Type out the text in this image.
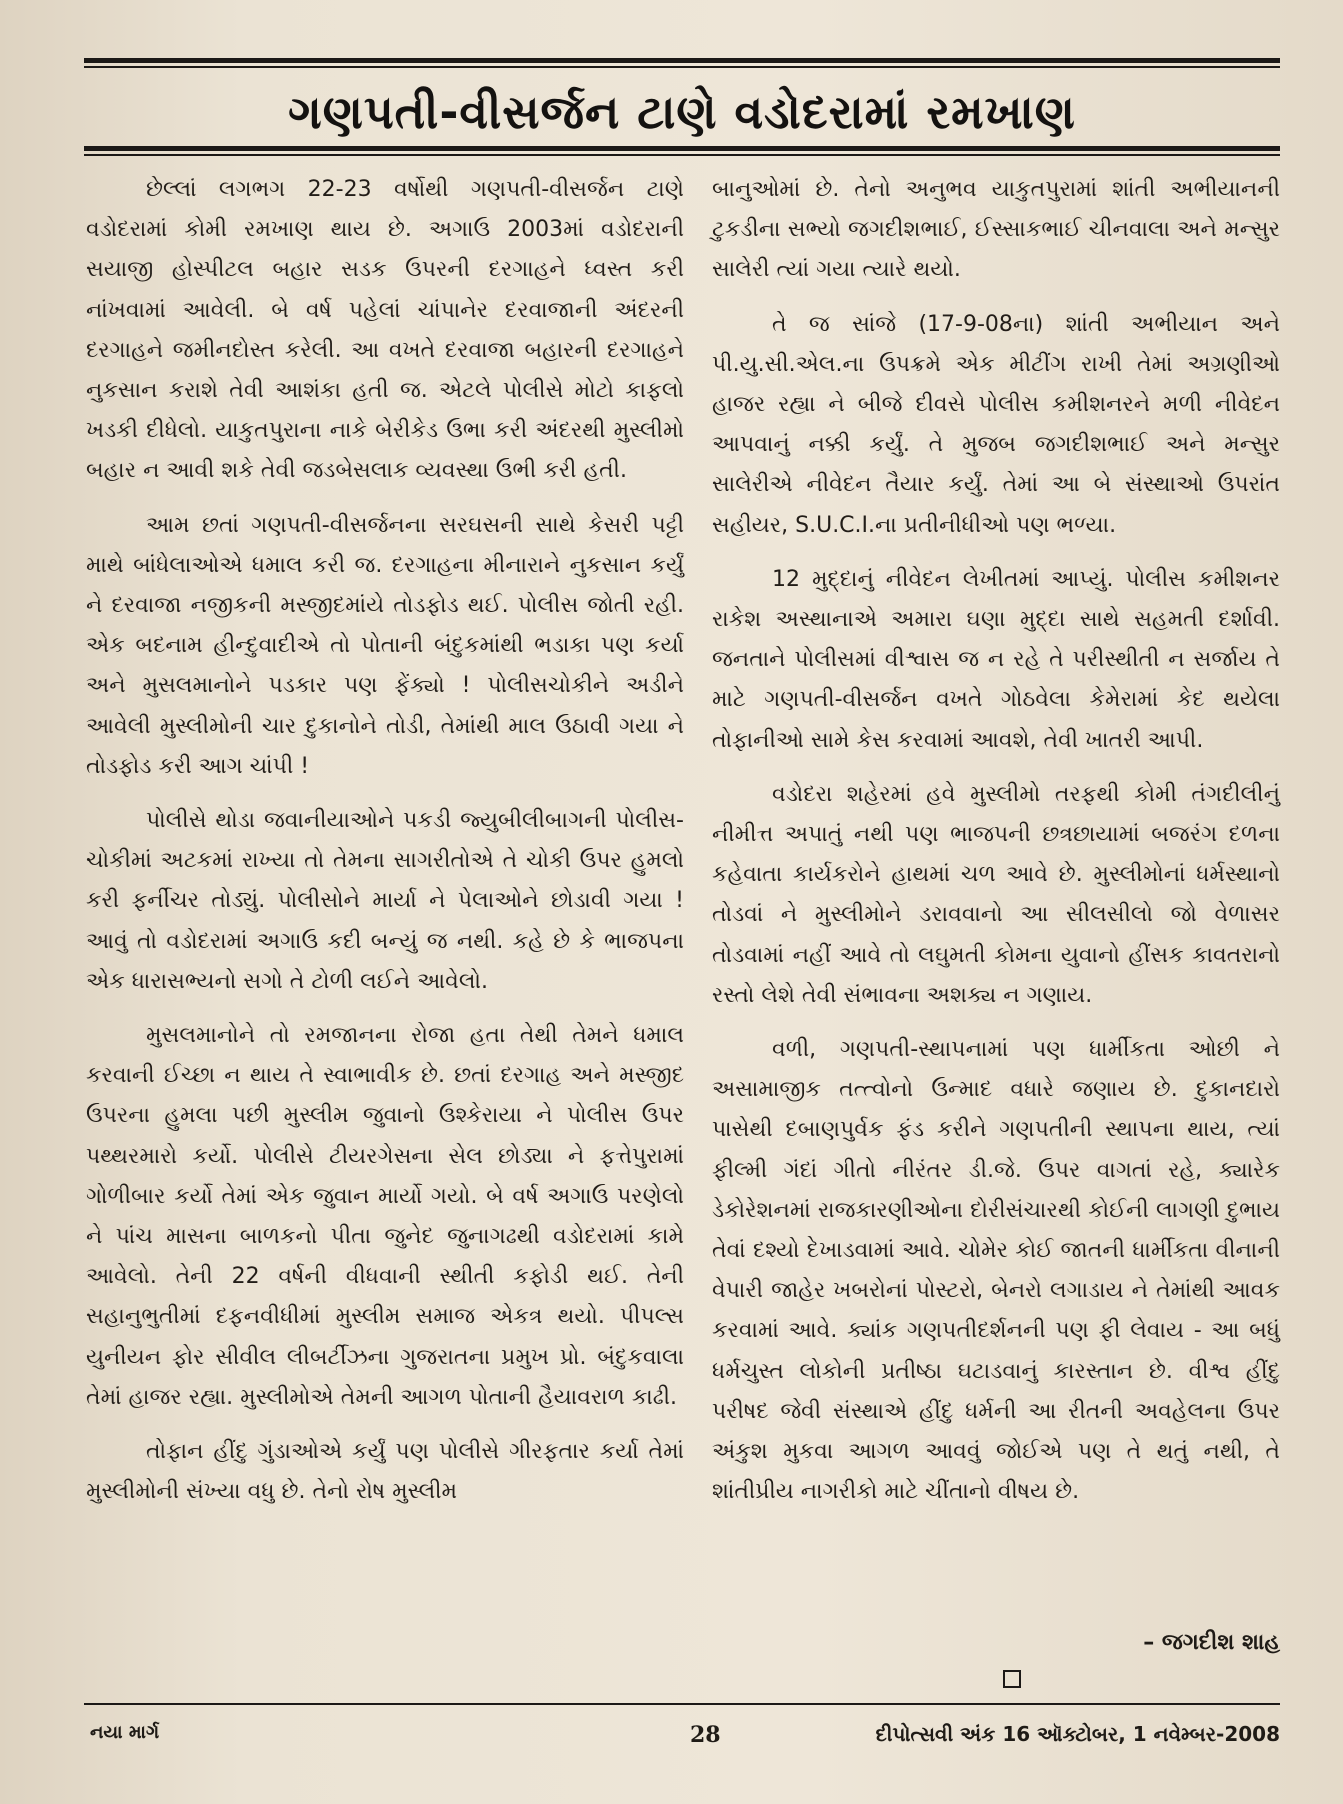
ગણપતી-વીસર્જન ટાણે વડોદરામાં રમખાણ

છેલ્લાં લગભગ 22-23 વર્ષોથી ગણપતી-વીસર્જન ટાણે વડોદરામાં કોમી રમખાણ થાય છે. અગાઉ 2003માં વડોદરાની સયાજી હોસ્પીટલ બહાર સડક ઉપરની દરગાહને ધ્વસ્ત કરી નાંખવામાં આવેલી. બે વર્ષ પહેલાં ચાંપાનેર દરવાજાની અંદરની દરગાહને જમીનદોસ્ત કરેલી. આ વખતે દરવાજા બહારની દરગાહને નુકસાન કરાશે તેવી આશંકા હતી જ. એટલે પોલીસે મોટો કાફલો ખડકી દીધેલો. યાકુતપુરાના નાકે બેરીકેડ ઉભા કરી અંદરથી મુસ્લીમો બહાર ન આવી શકે તેવી જડબેસલાક વ્યવસ્થા ઉભી કરી હતી.

આમ છતાં ગણપતી-વીસર્જનના સરઘસની સાથે કેસરી પટ્ટી માથે બાંધેલાઓએ ધમાલ કરી જ. દરગાહના મીનારાને નુકસાન કર્યું ને દરવાજા નજીકની મસ્જીદમાંયે તોડફોડ થઈ. પોલીસ જોતી રહી. એક બદનામ હીન્દુવાદીએ તો પોતાની બંદુકમાંથી ભડાકા પણ કર્યા અને મુસલમાનોને પડકાર પણ ફેંક્યો ! પોલીસચોકીને અડીને આવેલી મુસ્લીમોની ચાર દુકાનોને તોડી, તેમાંથી માલ ઉઠાવી ગયા ને તોડફોડ કરી આગ ચાંપી !

પોલીસે થોડા જવાનીયાઓને પકડી જ્યુબીલીબાગની પોલીસ-ચોકીમાં અટકમાં રાખ્યા તો તેમના સાગરીતોએ તે ચોકી ઉપર હુમલો કરી ફર્નીચર તોડ્યું. પોલીસોને માર્યા ને પેલાઓને છોડાવી ગયા ! આવું તો વડોદરામાં અગાઉ કદી બન્યું જ નથી. કહે છે કે ભાજપના એક ધારાસભ્યનો સગો તે ટોળી લઈને આવેલો.

મુસલમાનોને તો રમજાનના રોજા હતા તેથી તેમને ધમાલ કરવાની ઈચ્છા ન થાય તે સ્વાભાવીક છે. છતાં દરગાહ અને મસ્જીદ ઉપરના હુમલા પછી મુસ્લીમ જુવાનો ઉશ્કેરાયા ને પોલીસ ઉપર પથ્થરમારો કર્યો. પોલીસે ટીયરગેસના સેલ છોડ્યા ને ફત્તેપુરામાં ગોળીબાર કર્યો તેમાં એક જુવાન માર્યો ગયો. બે વર્ષ અગાઉ પરણેલો ને પાંચ માસના બાળકનો પીતા જુનેદ જુનાગઢથી વડોદરામાં કામે આવેલો. તેની 22 વર્ષની વીધવાની સ્થીતી કફોડી થઈ. તેની સહાનુભુતીમાં દફનવીધીમાં મુસ્લીમ સમાજ એકત્ર થયો. પીપલ્સ યુનીયન ફોર સીવીલ લીબર્ટીઝના ગુજરાતના પ્રમુખ પ્રો. બંદુકવાલા તેમાં હાજર રહ્યા. મુસ્લીમોએ તેમની આગળ પોતાની હૈયાવરાળ કાઢી.

તોફાન હીંદુ ગુંડાઓએ કર્યું પણ પોલીસે ગીરફતાર કર્યા તેમાં મુસ્લીમોની સંખ્યા વધુ છે. તેનો રોષ મુસ્લીમ

બાનુઓમાં છે. તેનો અનુભવ યાકુતપુરામાં શાંતી અભીયાનની ટુકડીના સભ્યો જગદીશભાઈ, ઈસ્સાકભાઈ ચીનવાલા અને મન્સુર સાલેરી ત્યાં ગયા ત્યારે થયો.

તે જ સાંજે (17-9-08ના) શાંતી અભીયાન અને પી.યુ.સી.એલ.ના ઉપક્રમે એક મીટીંગ રાખી તેમાં અગ્રણીઓ હાજર રહ્યા ને બીજે દીવસે પોલીસ કમીશનરને મળી નીવેદન આપવાનું નક્કી કર્યું. તે મુજબ જગદીશભાઈ અને મન્સુર સાલેરીએ નીવેદન તૈયાર કર્યું. તેમાં આ બે સંસ્થાઓ ઉપરાંત સહીયર, S.U.C.I.ના પ્રતીનીધીઓ પણ ભળ્યા.

12 મુદ્દાનું નીવેદન લેખીતમાં આપ્યું. પોલીસ કમીશનર રાકેશ અસ્થાનાએ અમારા ઘણા મુદ્દા સાથે સહમતી દર્શાવી. જનતાને પોલીસમાં વીશ્વાસ જ ન રહે તે પરીસ્થીતી ન સર્જાય તે માટે ગણપતી-વીસર્જન વખતે ગોઠવેલા કેમેરામાં કેદ થયેલા તોફાનીઓ સામે કેસ કરવામાં આવશે, તેવી ખાતરી આપી.

વડોદરા શહેરમાં હવે મુસ્લીમો તરફથી કોમી તંગદીલીનું નીમીત્ત અપાતું નથી પણ ભાજપની છત્રછાયામાં બજરંગ દળના કહેવાતા કાર્યકરોને હાથમાં ચળ આવે છે. મુસ્લીમોનાં ધર્મસ્થાનો તોડવાં ને મુસ્લીમોને ડરાવવાનો આ સીલસીલો જો વેળાસર તોડવામાં નહીં આવે તો લઘુમતી કોમના યુવાનો હીંસક કાવતરાનો રસ્તો લેશે તેવી સંભાવના અશક્ય ન ગણાય.

વળી, ગણપતી-સ્થાપનામાં પણ ધાર્મીકતા ઓછી ને અસામાજીક તત્ત્વોનો ઉન્માદ વધારે જણાય છે. દુકાનદારો પાસેથી દબાણપુર્વક ફંડ કરીને ગણપતીની સ્થાપના થાય, ત્યાં ફીલ્મી ગંદાં ગીતો નીરંતર ડી.જે. ઉપર વાગતાં રહે, ક્યારેક ડેકોરેશનમાં રાજકારણીઓના દોરીસંચારથી કોઈની લાગણી દુભાય તેવાં દશ્યો દેખાડવામાં આવે. ચોમેર કોઈ જાતની ધાર્મીકતા વીનાની વેપારી જાહેર ખબરોનાં પોસ્ટરો, બેનરો લગાડાય ને તેમાંથી આવક કરવામાં આવે. ક્યાંક ગણપતીદર્શનની પણ ફી લેવાય - આ બધું ધર્મચુસ્ત લોકોની પ્રતીષ્ઠા ઘટાડવાનું કારસ્તાન છે. વીશ્વ હીંદુ પરીષદ જેવી સંસ્થાએ હીંદુ ધર્મની આ રીતની અવહેલના ઉપર અંકુશ મુકવા આગળ આવવું જોઈએ પણ તે થતું નથી, તે શાંતીપ્રીય નાગરીકો માટે ચીંતાનો વીષય છે.

– જગદીશ શાહ
નયા માર્ગ	28	દીપોત્સવી અંક 16 ઑક્ટોબર, 1 નવેમ્બર-2008
